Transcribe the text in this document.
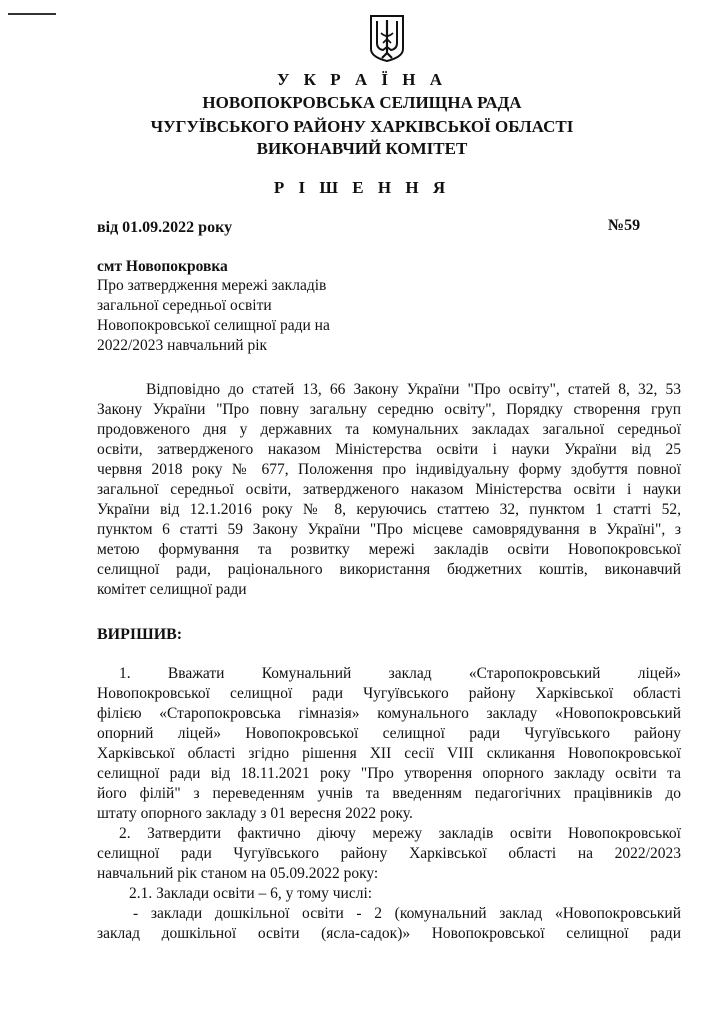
У К Р А Ї Н А
НОВОПОКРОВСЬКА СЕЛИЩНА РАДА
ЧУГУЇВСЬКОГО РАЙОНУ ХАРКІВСЬКОЇ ОБЛАСТІ
ВИКОНАВЧИЙ КОМІТЕТ
Р І Ш Е Н Н Я
від 01.09.2022 року	№59
смт Новопокровка
Про затвердження мережі закладів
загальної середньої освіти
Новопокровської селищної ради на
2022/2023 навчальний рік
Відповідно до статей 13, 66 Закону України "Про освіту", статей 8, 32, 53
Закону України "Про повну загальну середню освіту", Порядку створення груп
продовженого дня у державних та комунальних закладах загальної середньої
освіти, затвердженого наказом Міністерства освіти і науки України від 25
червня 2018 року № 677, Положення про індивідуальну форму здобуття повної
загальної середньої освіти, затвердженого наказом Міністерства освіти і науки
України від 12.1.2016 року № 8, керуючись статтею 32, пунктом 1 статті 52,
пунктом 6 статті 59 Закону України "Про місцеве самоврядування в Україні", з
метою формування та розвитку мережі закладів освіти Новопокровської
селищної ради, раціонального використання бюджетних коштів, виконавчий
комітет селищної ради
ВИРІШИВ:
1. Вважати Комунальний заклад «Старопокровський ліцей»
Новопокровської селищної ради Чугуївського району Харківської області
філією «Старопокровська гімназія» комунального закладу «Новопокровський
опорний ліцей» Новопокровської селищної ради Чугуївського району
Харківської області згідно рішення XII сесії VIII скликання Новопокровської
селищної ради від 18.11.2021 року "Про утворення опорного закладу освіти та
його філій" з переведенням учнів та введенням педагогічних працівників до
штату опорного закладу з 01 вересня 2022 року.
2. Затвердити фактично діючу мережу закладів освіти Новопокровської
селищної ради Чугуївського району Харківської області на 2022/2023
навчальний рік станом на 05.09.2022 року:
2.1. Заклади освіти – 6, у тому числі:
- заклади дошкільної освіти - 2 (комунальний заклад «Новопокровський
заклад дошкільної освіти (ясла-садок)» Новопокровської селищної ради
